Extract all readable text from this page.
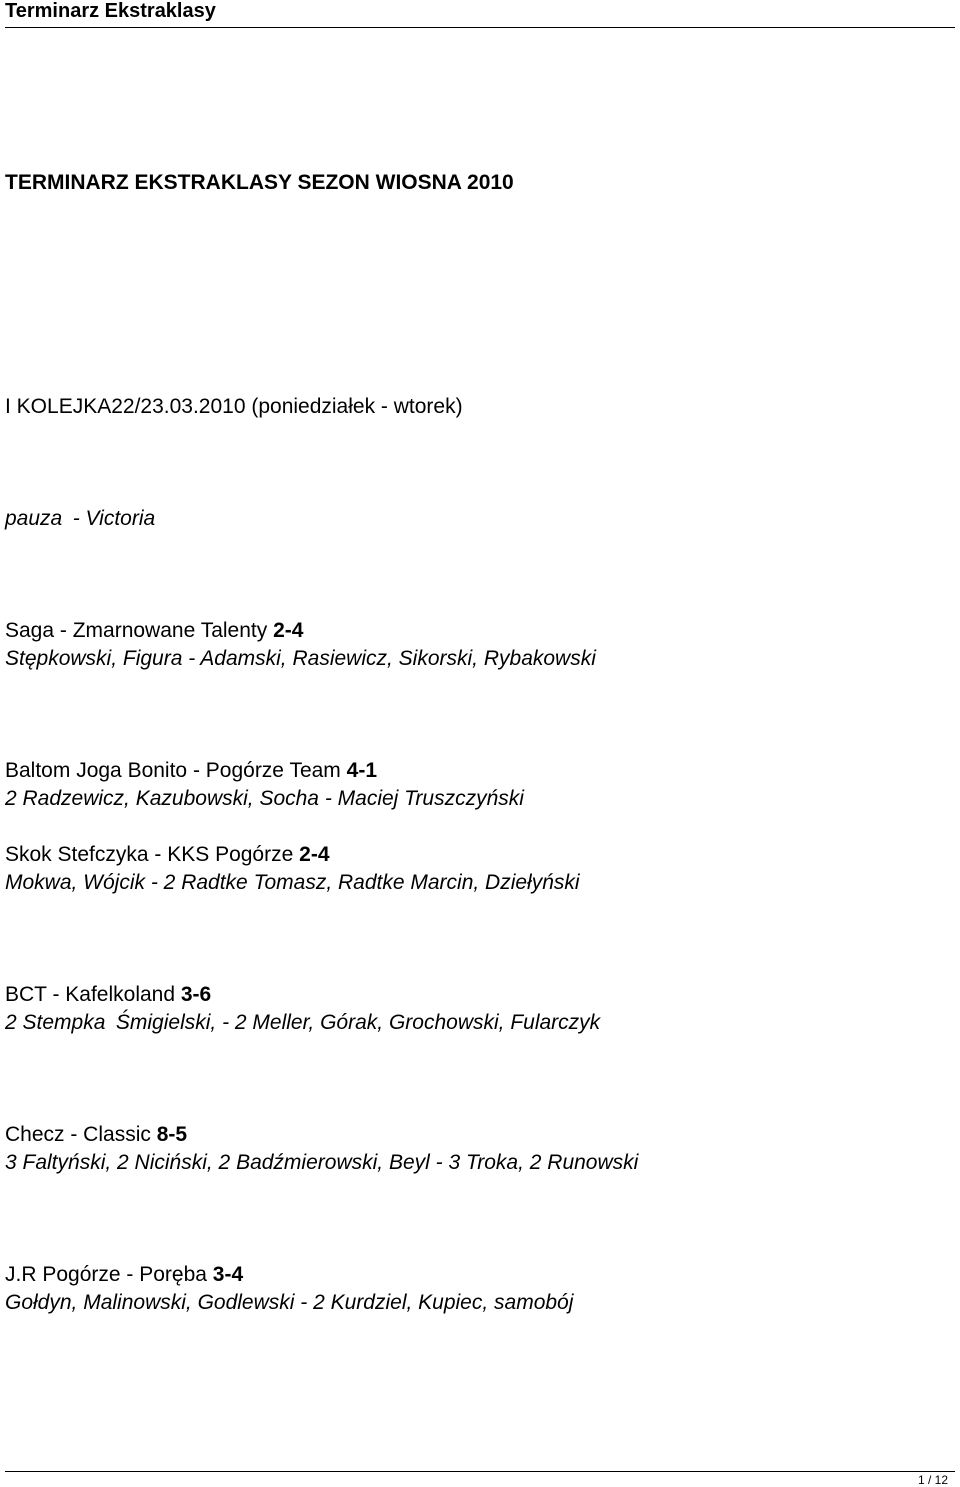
Terminarz Ekstraklasy
TERMINARZ EKSTRAKLASY SEZON WIOSNA 2010
I KOLEJKA22/23.03.2010 (poniedziałek - wtorek)
pauza - Victoria
Saga - Zmarnowane Talenty 2-4
Stępkowski, Figura - Adamski, Rasiewicz, Sikorski, Rybakowski
Baltom Joga Bonito - Pogórze Team 4-1
2 Radzewicz, Kazubowski, Socha - Maciej Truszczyński
Skok Stefczyka - KKS Pogórze 2-4
Mokwa, Wójcik - 2 Radtke Tomasz, Radtke Marcin, Dziełyński
BCT - Kafelkoland 3-6
2 Stempka Śmigielski, - 2 Meller, Górak, Grochowski, Fularczyk
Checz - Classic 8-5
3 Faltyński, 2 Niciński, 2 Badźmierowski, Beyl - 3 Troka, 2 Runowski
J.R Pogórze - Poręba 3-4
Gołdyn, Malinowski, Godlewski - 2 Kurdziel, Kupiec, samobój
1 / 12
